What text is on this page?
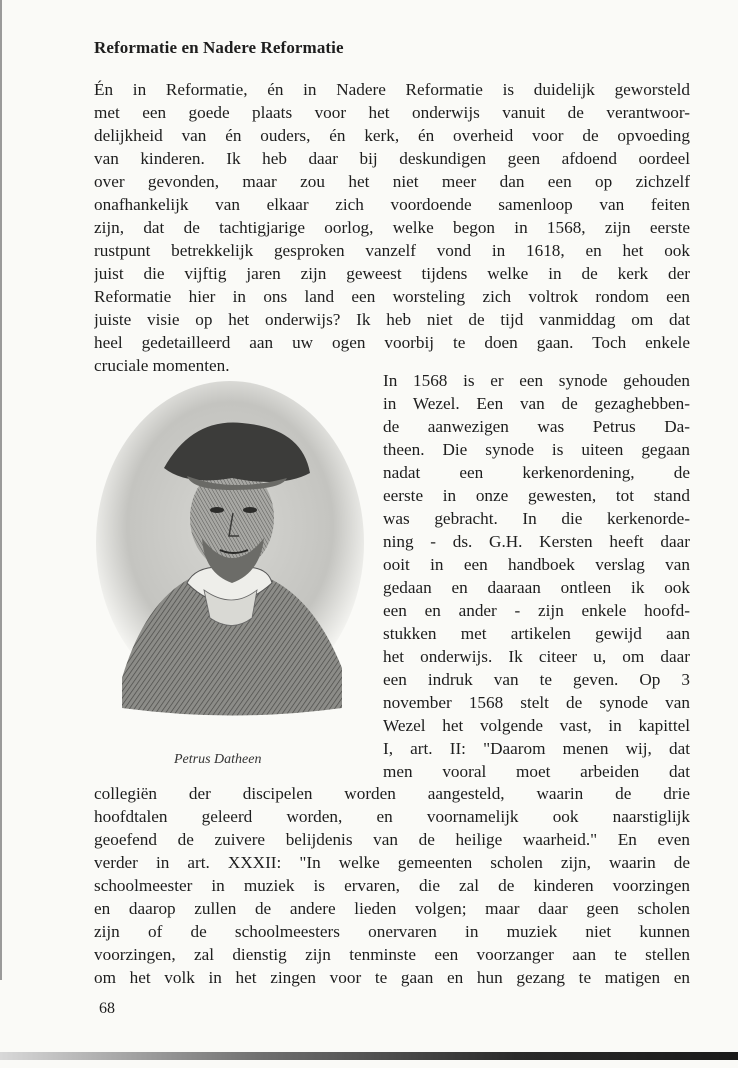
Reformatie en Nadere Reformatie
Én in Reformatie, én in Nadere Reformatie is duidelijk geworsteld
met een goede plaats voor het onderwijs vanuit de verantwoor-
delijkheid van én ouders, én kerk, én overheid voor de opvoeding
van kinderen. Ik heb daar bij deskundigen geen afdoend oordeel
over gevonden, maar zou het niet meer dan een op zichzelf
onafhankelijk van elkaar zich voordoende samenloop van feiten
zijn, dat de tachtigjarige oorlog, welke begon in 1568, zijn eerste
rustpunt betrekkelijk gesproken vanzelf vond in 1618, en het ook
juist die vijftig jaren zijn geweest tijdens welke in de kerk der
Reformatie hier in ons land een worsteling zich voltrok rondom een
juiste visie op het onderwijs? Ik heb niet de tijd vanmiddag om dat
heel gedetailleerd aan uw ogen voorbij te doen gaan. Toch enkele
cruciale momenten.
In 1568 is er een synode gehouden
in Wezel. Een van de gezaghebben-
de aanwezigen was Petrus Da-
theen. Die synode is uiteen gegaan
nadat een kerkenordening, de
eerste in onze gewesten, tot stand
was gebracht. In die kerkenorde-
ning - ds. G.H. Kersten heeft daar
ooit in een handboek verslag van
gedaan en daaraan ontleen ik ook
een en ander - zijn enkele hoofd-
stukken met artikelen gewijd aan
het onderwijs. Ik citeer u, om daar
een indruk van te geven. Op 3
november 1568 stelt de synode van
Wezel het volgende vast, in kapittel
I, art. II: "Daarom menen wij, dat
men vooral moet arbeiden dat
collegiën der discipelen worden aangesteld, waarin de drie
hoofdtalen geleerd worden, en voornamelijk ook naarstiglijk
geoefend de zuivere belijdenis van de heilige waarheid." En even
verder in art. XXXII: "In welke gemeenten scholen zijn, waarin de
schoolmeester in muziek is ervaren, die zal de kinderen voorzingen
en daarop zullen de andere lieden volgen; maar daar geen scholen
zijn of de schoolmeesters onervaren in muziek niet kunnen
voorzingen, zal dienstig zijn tenminste een voorzanger aan te stellen
om het volk in het zingen voor te gaan en hun gezang te matigen en
Petrus Datheen
68
